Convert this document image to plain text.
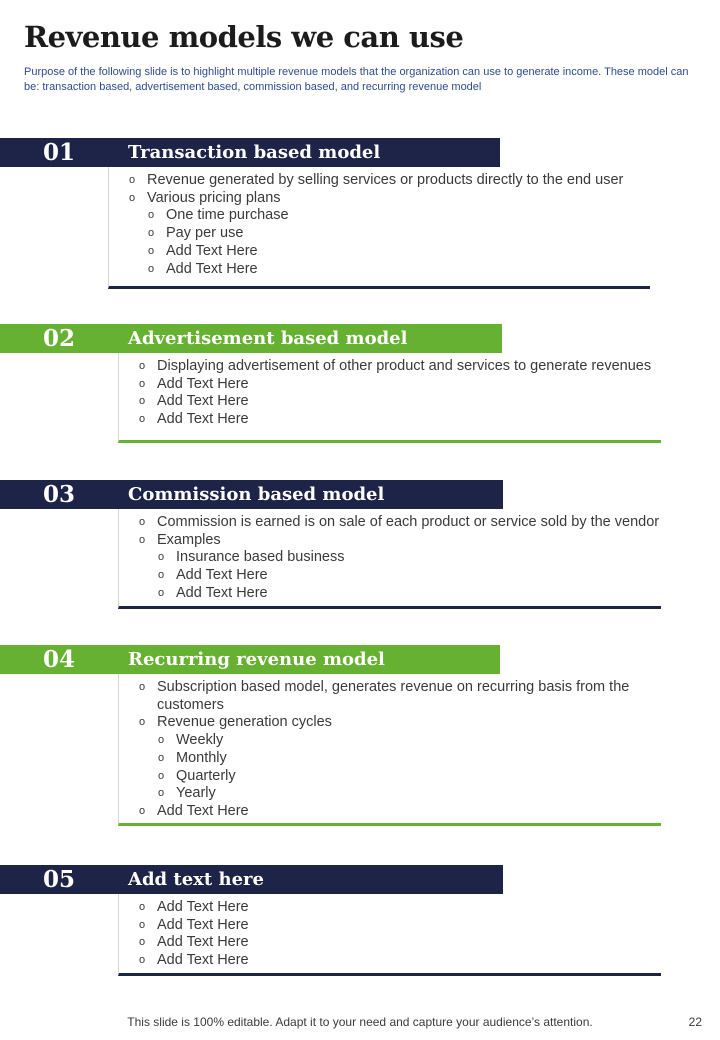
Revenue models we can use
Purpose of the following slide is to highlight multiple revenue models that the organization can use to generate income. These model can be: transaction based, advertisement based, commission based, and recurring revenue model
01	Transaction based model
o Revenue generated by selling services or products directly to the end user
o Various pricing plans
o One time purchase
o Pay per use
o Add Text Here
o Add Text Here
02	Advertisement based model
o Displaying advertisement of other product and services to generate revenues
o Add Text Here
o Add Text Here
o Add Text Here
03	Commission based model
o Commission is earned is on sale of each product or service sold by the vendor
o Examples
o Insurance based business
o Add Text Here
o Add Text Here
04	Recurring revenue model
o Subscription based model, generates revenue on recurring basis from the customers
o Revenue generation cycles
o Weekly
o Monthly
o Quarterly
o Yearly
o Add Text Here
05	Add text here
o Add Text Here
o Add Text Here
o Add Text Here
o Add Text Here
This slide is 100% editable. Adapt it to your need and capture your audience’s attention.	22
